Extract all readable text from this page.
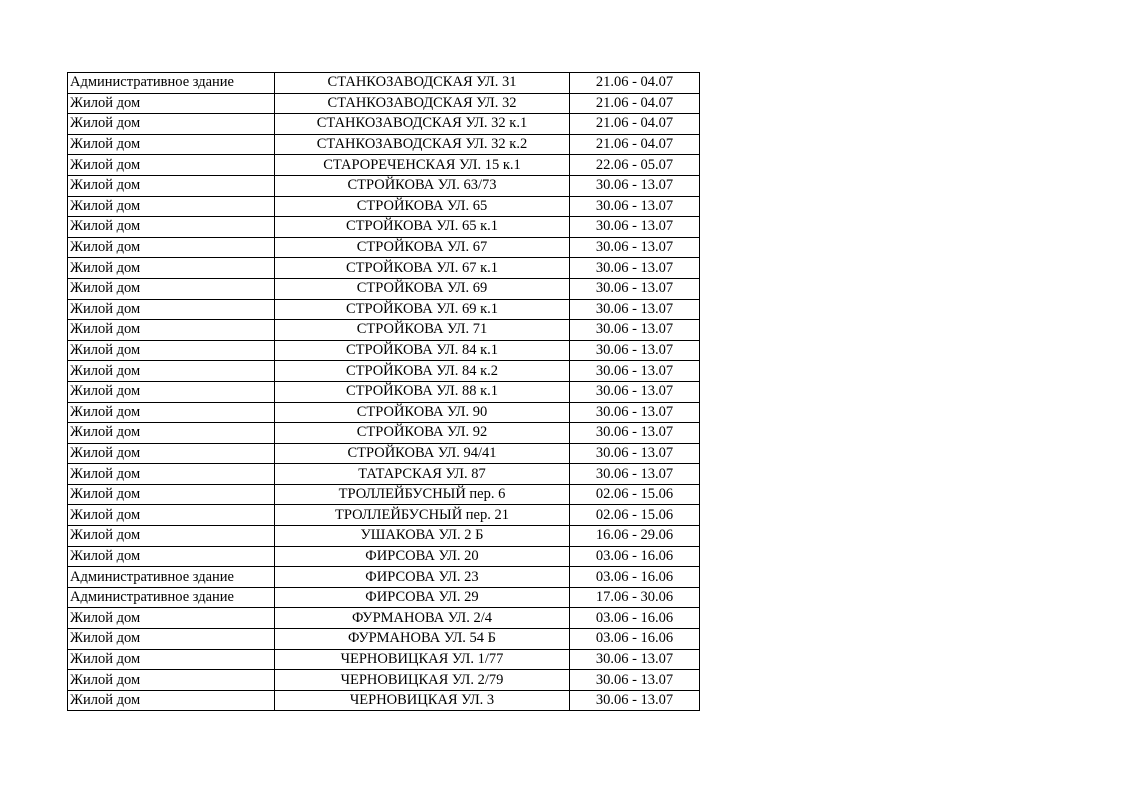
Административное здание	СТАНКОЗАВОДСКАЯ УЛ. 31	21.06 - 04.07
Жилой дом	СТАНКОЗАВОДСКАЯ УЛ. 32	21.06 - 04.07
Жилой дом	СТАНКОЗАВОДСКАЯ УЛ. 32 к.1	21.06 - 04.07
Жилой дом	СТАНКОЗАВОДСКАЯ УЛ. 32 к.2	21.06 - 04.07
Жилой дом	СТАРОРЕЧЕНСКАЯ УЛ. 15 к.1	22.06 - 05.07
Жилой дом	СТРОЙКОВА УЛ. 63/73	30.06 - 13.07
Жилой дом	СТРОЙКОВА УЛ. 65	30.06 - 13.07
Жилой дом	СТРОЙКОВА УЛ. 65 к.1	30.06 - 13.07
Жилой дом	СТРОЙКОВА УЛ. 67	30.06 - 13.07
Жилой дом	СТРОЙКОВА УЛ. 67 к.1	30.06 - 13.07
Жилой дом	СТРОЙКОВА УЛ. 69	30.06 - 13.07
Жилой дом	СТРОЙКОВА УЛ. 69 к.1	30.06 - 13.07
Жилой дом	СТРОЙКОВА УЛ. 71	30.06 - 13.07
Жилой дом	СТРОЙКОВА УЛ. 84 к.1	30.06 - 13.07
Жилой дом	СТРОЙКОВА УЛ. 84 к.2	30.06 - 13.07
Жилой дом	СТРОЙКОВА УЛ. 88 к.1	30.06 - 13.07
Жилой дом	СТРОЙКОВА УЛ. 90	30.06 - 13.07
Жилой дом	СТРОЙКОВА УЛ. 92	30.06 - 13.07
Жилой дом	СТРОЙКОВА УЛ. 94/41	30.06 - 13.07
Жилой дом	ТАТАРСКАЯ УЛ. 87	30.06 - 13.07
Жилой дом	ТРОЛЛЕЙБУСНЫЙ пер. 6	02.06 - 15.06
Жилой дом	ТРОЛЛЕЙБУСНЫЙ пер. 21	02.06 - 15.06
Жилой дом	УШАКОВА УЛ. 2 Б	16.06 - 29.06
Жилой дом	ФИРСОВА УЛ. 20	03.06 - 16.06
Административное здание	ФИРСОВА УЛ. 23	03.06 - 16.06
Административное здание	ФИРСОВА УЛ. 29	17.06 - 30.06
Жилой дом	ФУРМАНОВА УЛ. 2/4	03.06 - 16.06
Жилой дом	ФУРМАНОВА УЛ. 54 Б	03.06 - 16.06
Жилой дом	ЧЕРНОВИЦКАЯ УЛ. 1/77	30.06 - 13.07
Жилой дом	ЧЕРНОВИЦКАЯ УЛ. 2/79	30.06 - 13.07
Жилой дом	ЧЕРНОВИЦКАЯ УЛ. 3	30.06 - 13.07
